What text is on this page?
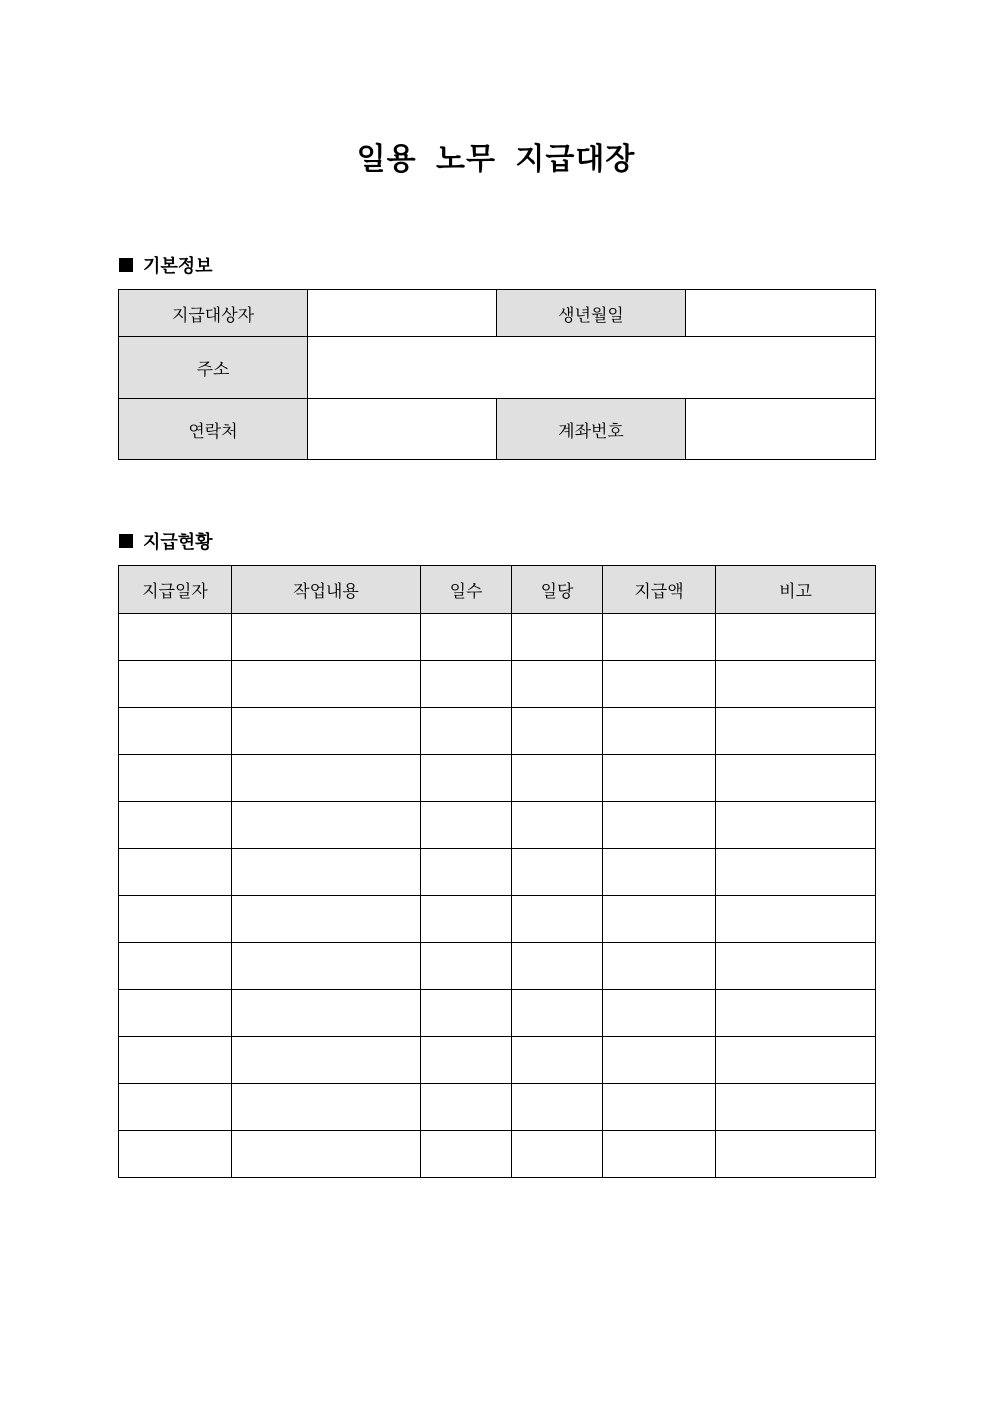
일용 노무 지급대장
기본정보
지급대상자		생년월일	
주소			
연락처		계좌번호	
지급현황
지급일자	작업내용	일수	일당	지급액	비고
